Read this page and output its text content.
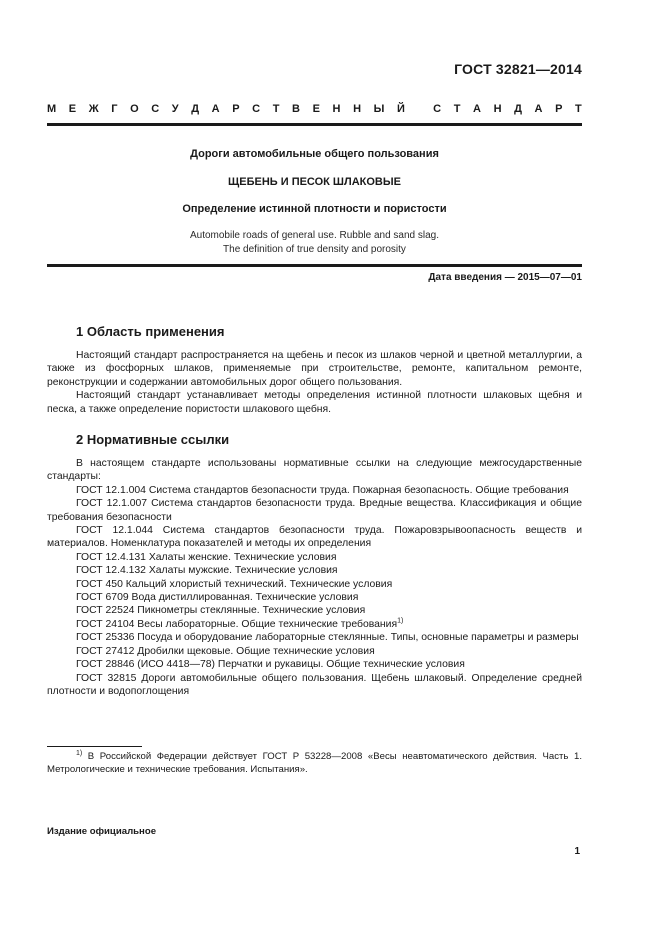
ГОСТ 32821—2014
М Е Ж Г О С У Д А Р С Т В Е Н Н Ы Й
	С Т А Н Д А Р Т
Дороги автомобильные общего пользования
ЩЕБЕНЬ И ПЕСОК ШЛАКОВЫЕ
Определение истинной плотности и пористости
Automobile roads of general use. Rubble and sand slag.
The definition of true density and porosity
Дата введения — 2015—07—01
1 Область применения

Настоящий стандарт распространяется на щебень и песок из шлаков черной и цветной металлургии, а также из фосфорных шлаков, применяемые при строительстве, ремонте, капитальном ремонте, реконструкции и содержании автомобильных дорог общего пользования.

Настоящий стандарт устанавливает методы определения истинной плотности шлаковых щебня и песка, а также определение пористости шлакового щебня.

2 Нормативные ссылки

В настоящем стандарте использованы нормативные ссылки на следующие межгосударственные стандарты:

ГОСТ 12.1.004 Система стандартов безопасности труда. Пожарная безопасность. Общие требования

ГОСТ 12.1.007 Система стандартов безопасности труда. Вредные вещества. Классификация и общие требования безопасности

ГОСТ 12.1.044 Система стандартов безопасности труда. Пожаровзрывоопасность веществ и материалов. Номенклатура показателей и методы их определения

ГОСТ 12.4.131 Халаты женские. Технические условия

ГОСТ 12.4.132 Халаты мужские. Технические условия

ГОСТ 450 Кальций хлористый технический. Технические условия

ГОСТ 6709 Вода дистиллированная. Технические условия

ГОСТ 22524 Пикнометры стеклянные. Технические условия

ГОСТ 24104 Весы лабораторные. Общие технические требования$^{1)}$

ГОСТ 25336 Посуда и оборудование лабораторные стеклянные. Типы, основные параметры и размеры

ГОСТ 27412 Дробилки щековые. Общие технические условия

ГОСТ 28846 (ИСО 4418—78) Перчатки и рукавицы. Общие технические условия

ГОСТ 32815 Дороги автомобильные общего пользования. Щебень шлаковый. Определение средней плотности и водопоглощения

$^{1)}$ В Российской Федерации действует ГОСТ Р 53228—2008 «Весы неавтоматического действия. Часть 1. Метрологические и технические требования. Испытания».

Издание официальное
1
